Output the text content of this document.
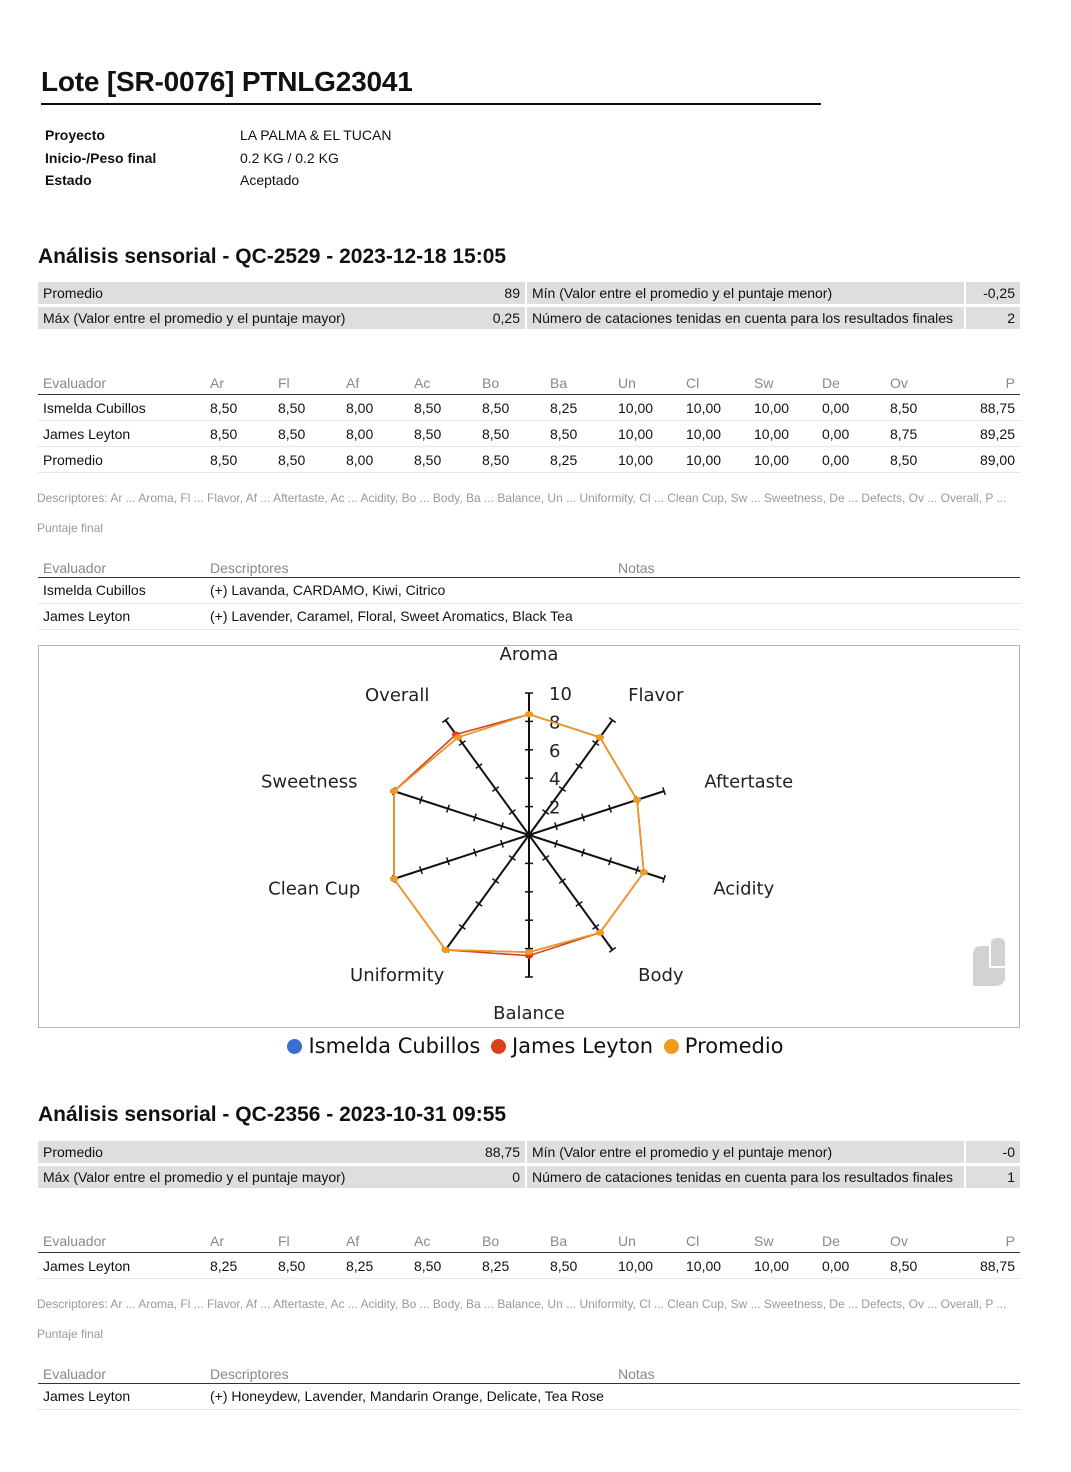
Lote [SR-0076] PTNLG23041
Proyecto	LA PALMA & EL TUCAN
Inicio-/Peso final	0.2 KG / 0.2 KG
Estado	Aceptado
Análisis sensorial - QC-2529 - 2023-12-18 15:05
Promedio	89 Mín (Valor entre el promedio y el puntaje menor)	-0,25
Máx (Valor entre el promedio y el puntaje mayor)	0,25 Número de cataciones tenidas en cuenta para los resultados finales	2
Evaluador	Ar	Fl	Af	Ac	Bo	Ba	Un	Cl	Sw	De	Ov	P
Ismelda Cubillos	8,50	8,50	8,00	8,50	8,50	8,25	10,00	10,00	10,00	0,00	8,50	88,75
James Leyton	8,50	8,50	8,00	8,50	8,50	8,50	10,00	10,00	10,00	0,00	8,75	89,25
Promedio	8,50	8,50	8,00	8,50	8,50	8,25	10,00	10,00	10,00	0,00	8,50	89,00
Descriptores: Ar ... Aroma, Fl ... Flavor, Af ... Aftertaste, Ac ... Acidity, Bo ... Body, Ba ... Balance, Un ... Uniformity, Cl ... Clean Cup, Sw ... Sweetness, De ... Defects, Ov ... Overall, P ... Puntaje final
Evaluador	Descriptores	Notas
Ismelda Cubillos	(+) Lavanda, CARDAMO, Kiwi, Citrico
James Leyton	(+) Lavender, Caramel, Floral, Sweet Aromatics, Black Tea
Aroma
Flavor
Aftertaste
Acidity
Body
Balance
Uniformity
Clean Cup
Sweetness
Overall
2
4
6
8
10
Ismelda Cubillos
James Leyton
Promedio
Análisis sensorial - QC-2356 - 2023-10-31 09:55
Promedio	88,75 Mín (Valor entre el promedio y el puntaje menor)	-0
Máx (Valor entre el promedio y el puntaje mayor)	0 Número de cataciones tenidas en cuenta para los resultados finales	1
Evaluador	Ar	Fl	Af	Ac	Bo	Ba	Un	Cl	Sw	De	Ov	P
James Leyton	8,25	8,50	8,25	8,50	8,25	8,50	10,00	10,00	10,00	0,00	8,50	88,75
Descriptores: Ar ... Aroma, Fl ... Flavor, Af ... Aftertaste, Ac ... Acidity, Bo ... Body, Ba ... Balance, Un ... Uniformity, Cl ... Clean Cup, Sw ... Sweetness, De ... Defects, Ov ... Overall, P ... Puntaje final
Evaluador	Descriptores	Notas
James Leyton	(+) Honeydew, Lavender, Mandarin Orange, Delicate, Tea Rose
